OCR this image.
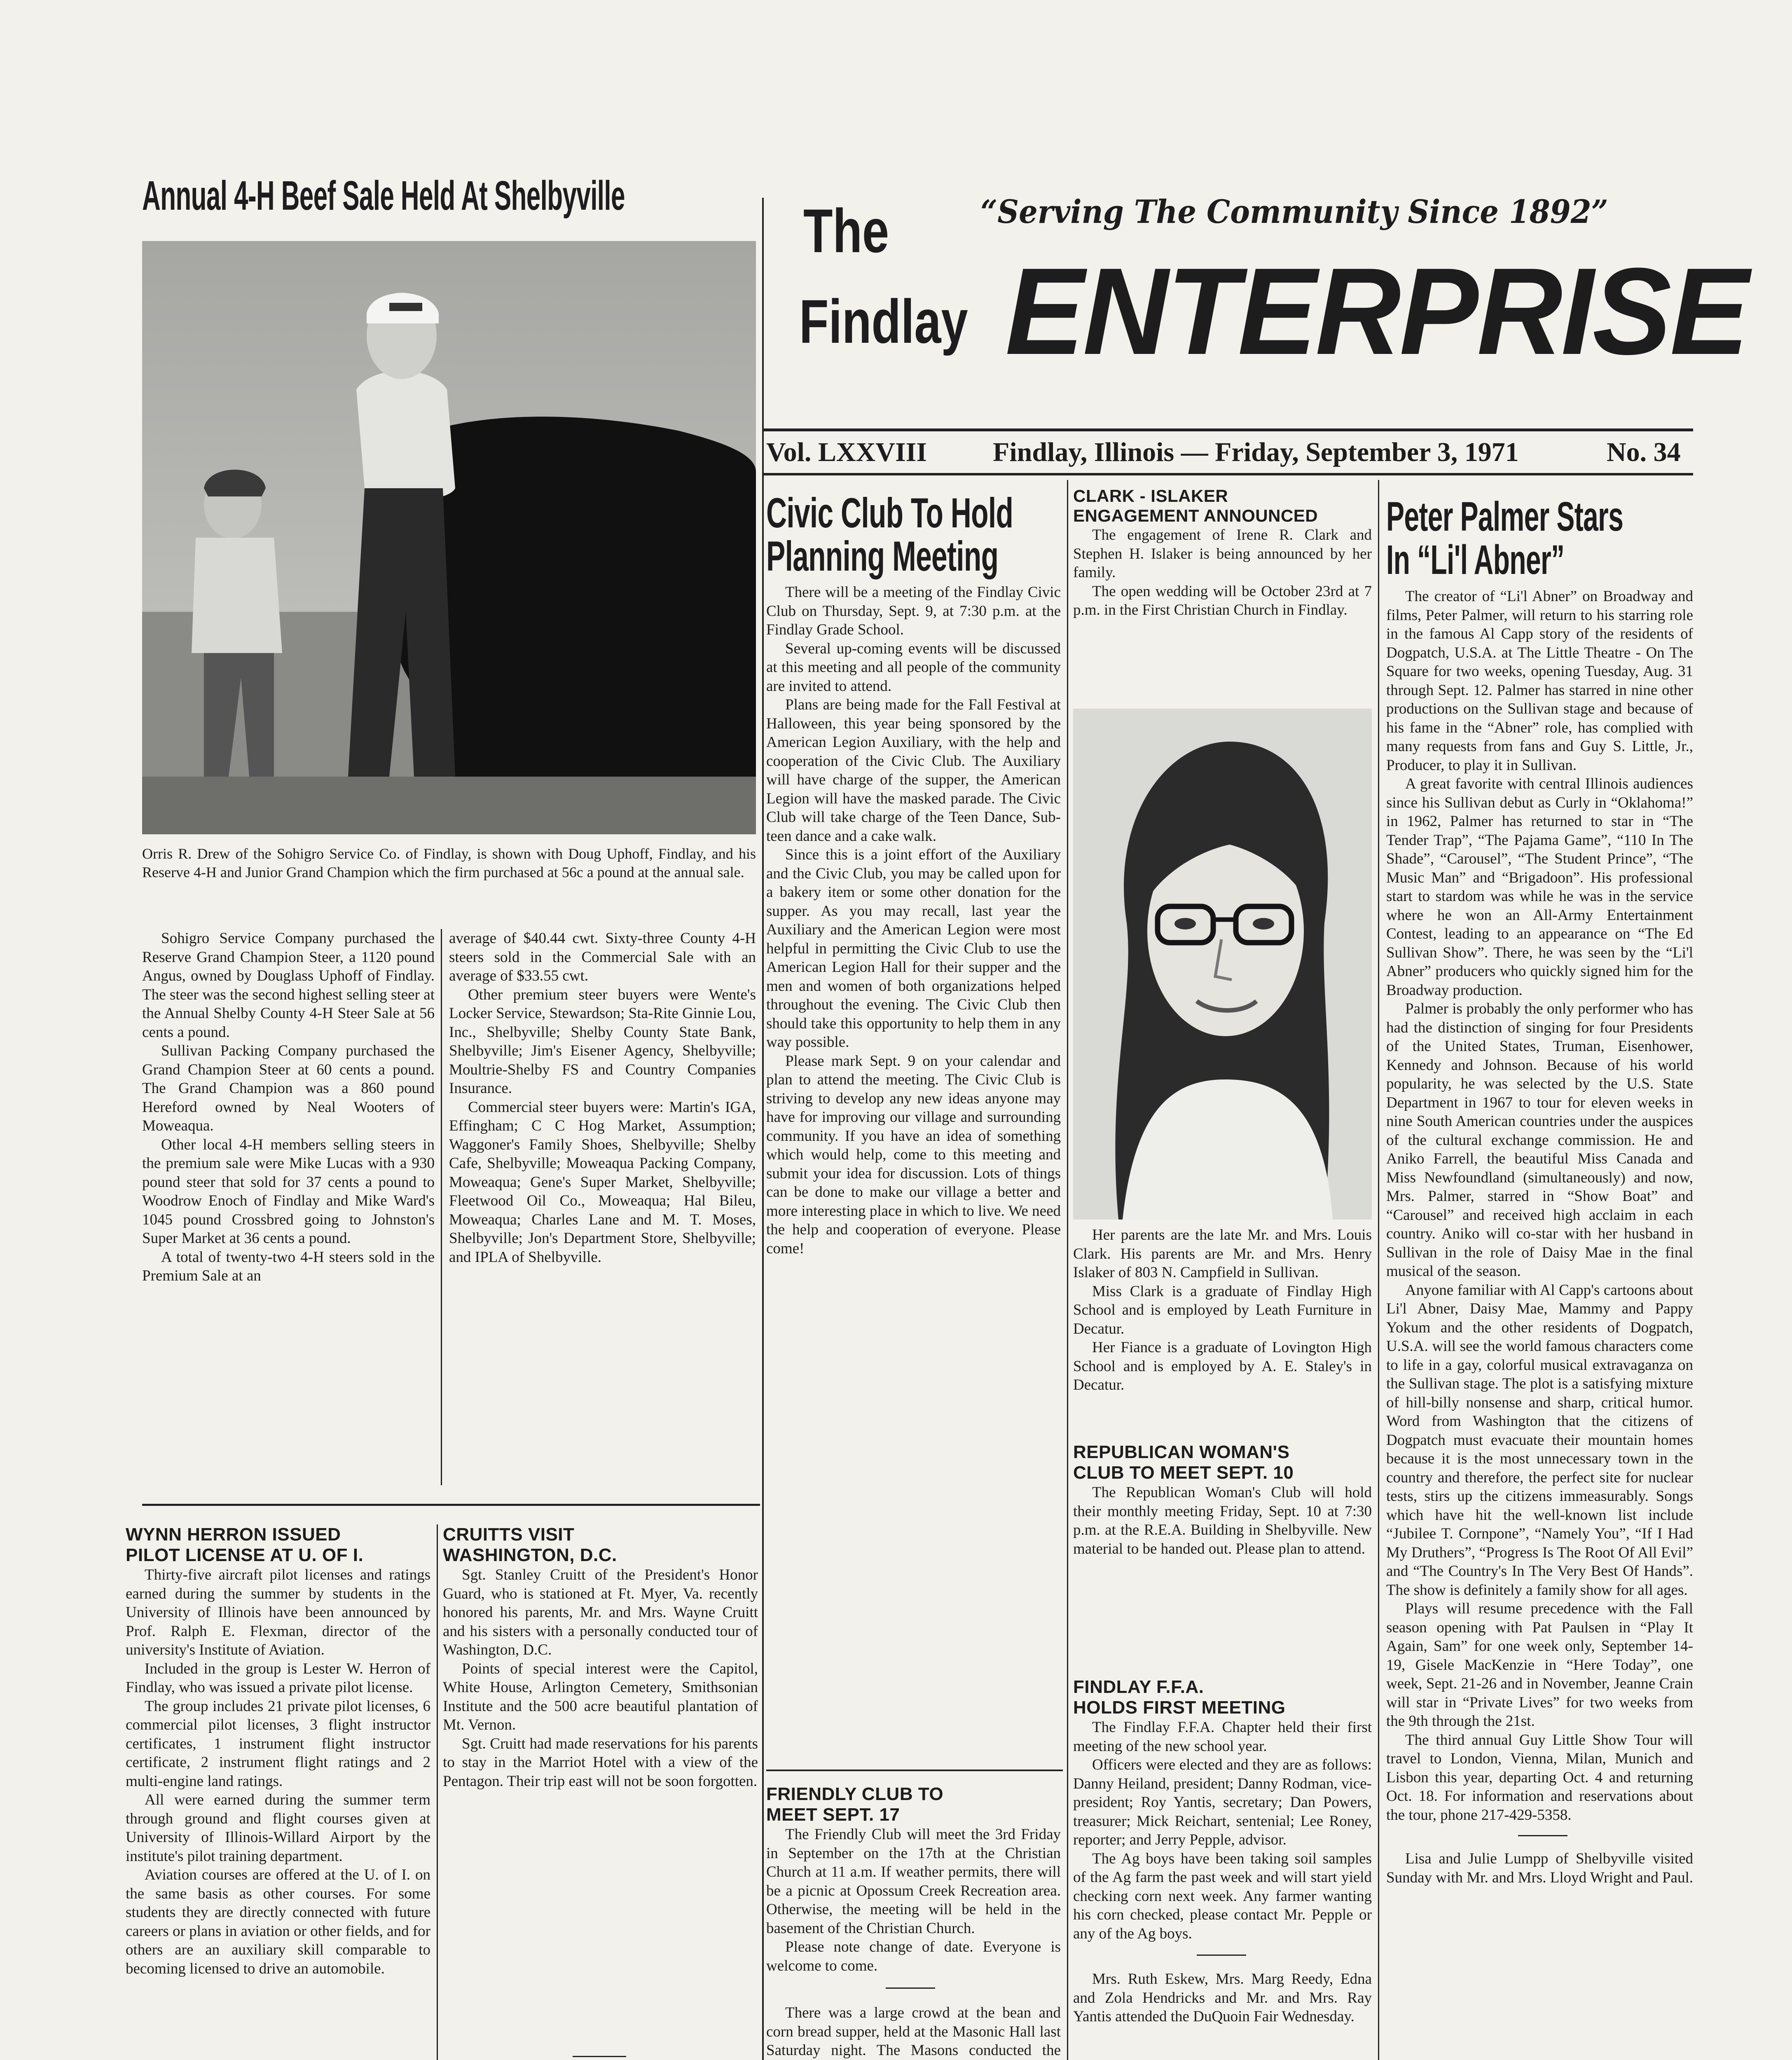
The
Findlay ENTERPRISE
“Serving The Community Since 1892”
Vol. LXXVIII Findlay, Illinois — Friday, September 3, 1971	No. 34
Annual 4-H Beef Sale Held At Shelbyville

Orris R. Drew of the Sohigro Service Co. of Findlay, is shown with Doug Uphoff, Findlay, and his Reserve 4-H and Junior Grand Champion which the firm purchased at 56c a pound at the annual sale.

Sohigro Service Company purchased the Reserve Grand Champion Steer, a 1120 pound Angus, owned by Douglass Uphoff of Findlay. The steer was the second highest selling steer at the Annual Shelby County 4-H Steer Sale at 56 cents a pound.

Sullivan Packing Company purchased the Grand Champion Steer at 60 cents a pound. The Grand Champion was a 860 pound Hereford owned by Neal Wooters of Moweaqua.

Other local 4-H members selling steers in the premium sale were Mike Lucas with a 930 pound steer that sold for 37 cents a pound to Woodrow Enoch of Findlay and Mike Ward's 1045 pound Crossbred going to Johnston's Super Market at 36 cents a pound.

A total of twenty-two 4-H steers sold in the Premium Sale at an

average of $40.44 cwt. Sixty-three County 4-H steers sold in the Commercial Sale with an average of $33.55 cwt.

Other premium steer buyers were Wente's Locker Service, Stewardson; Sta-Rite Ginnie Lou, Inc., Shelbyville; Shelby County State Bank, Shelbyville; Jim's Eisener Agency, Shelbyville; Moultrie-Shelby FS and Country Companies Insurance.

Commercial steer buyers were: Martin's IGA, Effingham; C C Hog Market, Assumption; Waggoner's Family Shoes, Shelbyville; Shelby Cafe, Shelbyville; Moweaqua Packing Company, Moweaqua; Gene's Super Market, Shelbyville; Fleetwood Oil Co., Moweaqua; Hal Bileu, Moweaqua; Charles Lane and M. T. Moses, Shelbyville; Jon's Department Store, Shelbyville; and IPLA of Shelbyville.

WYNN HERRON ISSUED
PILOT LICENSE AT U. OF I.

Thirty-five aircraft pilot licenses and ratings earned during the summer by students in the University of Illinois have been announced by Prof. Ralph E. Flexman, director of the university's Institute of Aviation.

Included in the group is Lester W. Herron of Findlay, who was issued a private pilot license.

The group includes 21 private pilot licenses, 6 commercial pilot licenses, 3 flight instructor certificates, 1 instrument flight instructor certificate, 2 instrument flight ratings and 2 multi-engine land ratings.

All were earned during the summer term through ground and flight courses given at University of Illinois-Willard Airport by the institute's pilot training department.

Aviation courses are offered at the U. of I. on the same basis as other courses. For some students they are directly connected with future careers or plans in aviation or other fields, and for others are an auxiliary skill comparable to becoming licensed to drive an automobile.

CRUITTS VISIT
WASHINGTON, D.C.

Sgt. Stanley Cruitt of the President's Honor Guard, who is stationed at Ft. Myer, Va. recently honored his parents, Mr. and Mrs. Wayne Cruitt and his sisters with a personally conducted tour of Washington, D.C.

Points of special interest were the Capitol, White House, Arlington Cemetery, Smithsonian Institute and the 500 acre beautiful plantation of Mt. Vernon.

Sgt. Cruitt had made reservations for his parents to stay in the Marriot Hotel with a view of the Pentagon. Their trip east will not be soon forgotten.

Civic Club To Hold
Planning Meeting

There will be a meeting of the Findlay Civic Club on Thursday, Sept. 9, at 7:30 p.m. at the Findlay Grade School.

Several up-coming events will be discussed at this meeting and all people of the community are invited to attend.

Plans are being made for the Fall Festival at Halloween, this year being sponsored by the American Legion Auxiliary, with the help and cooperation of the Civic Club. The Auxiliary will have charge of the supper, the American Legion will have the masked parade. The Civic Club will take charge of the Teen Dance, Sub-teen dance and a cake walk.

Since this is a joint effort of the Auxiliary and the Civic Club, you may be called upon for a bakery item or some other donation for the supper. As you may recall, last year the Auxiliary and the American Legion were most helpful in permitting the Civic Club to use the American Legion Hall for their supper and the men and women of both organizations helped throughout the evening. The Civic Club then should take this opportunity to help them in any way possible.

Please mark Sept. 9 on your calendar and plan to attend the meeting. The Civic Club is striving to develop any new ideas anyone may have for improving our village and surrounding community. If you have an idea of something which would help, come to this meeting and submit your idea for discussion. Lots of things can be done to make our village a better and more interesting place in which to live. We need the help and cooperation of everyone. Please come!

FRIENDLY CLUB TO
MEET SEPT. 17

The Friendly Club will meet the 3rd Friday in September on the 17th at the Christian Church at 11 a.m. If weather permits, there will be a picnic at Opossum Creek Recreation area. Otherwise, the meeting will be held in the basement of the Christian Church.

Please note change of date. Everyone is welcome to come.

There was a large crowd at the bean and corn bread supper, held at the Masonic Hall last Saturday night. The Masons conducted the

CLARK - ISLAKER
ENGAGEMENT ANNOUNCED

The engagement of Irene R. Clark and Stephen H. Islaker is being announced by her family.

The open wedding will be October 23rd at 7 p.m. in the First Christian Church in Findlay.

Her parents are the late Mr. and Mrs. Louis Clark. His parents are Mr. and Mrs. Henry Islaker of 803 N. Campfield in Sullivan.

Miss Clark is a graduate of Findlay High School and is employed by Leath Furniture in Decatur.

Her Fiance is a graduate of Lovington High School and is employed by A. E. Staley's in Decatur.

REPUBLICAN WOMAN'S
CLUB TO MEET SEPT. 10

The Republican Woman's Club will hold their monthly meeting Friday, Sept. 10 at 7:30 p.m. at the R.E.A. Building in Shelbyville. New material to be handed out. Please plan to attend.

FINDLAY F.F.A.
HOLDS FIRST MEETING

The Findlay F.F.A. Chapter held their first meeting of the new school year.

Officers were elected and they are as follows: Danny Heiland, president; Danny Rodman, vice-president; Roy Yantis, secretary; Dan Powers, treasurer; Mick Reichart, sentenial; Lee Roney, reporter; and Jerry Pepple, advisor.

The Ag boys have been taking soil samples of the Ag farm the past week and will start yield checking corn next week. Any farmer wanting his corn checked, please contact Mr. Pepple or any of the Ag boys.

Mrs. Ruth Eskew, Mrs. Marg Reedy, Edna and Zola Hendricks and Mr. and Mrs. Ray Yantis attended the DuQuoin Fair Wednesday.

Peter Palmer Stars
In “Li'l Abner”

The creator of “Li'l Abner” on Broadway and films, Peter Palmer, will return to his starring role in the famous Al Capp story of the residents of Dogpatch, U.S.A. at The Little Theatre - On The Square for two weeks, opening Tuesday, Aug. 31 through Sept. 12. Palmer has starred in nine other productions on the Sullivan stage and because of his fame in the “Abner” role, has complied with many requests from fans and Guy S. Little, Jr., Producer, to play it in Sullivan.

A great favorite with central Illinois audiences since his Sullivan debut as Curly in “Oklahoma!” in 1962, Palmer has returned to star in “The Tender Trap”, “The Pajama Game”, “110 In The Shade”, “Carousel”, “The Student Prince”, “The Music Man” and “Brigadoon”. His professional start to stardom was while he was in the service where he won an All-Army Entertainment Contest, leading to an appearance on “The Ed Sullivan Show”. There, he was seen by the “Li'l Abner” producers who quickly signed him for the Broadway production.

Palmer is probably the only performer who has had the distinction of singing for four Presidents of the United States, Truman, Eisenhower, Kennedy and Johnson. Because of his world popularity, he was selected by the U.S. State Department in 1967 to tour for eleven weeks in nine South American countries under the auspices of the cultural exchange commission. He and Aniko Farrell, the beautiful Miss Canada and Miss Newfoundland (simultaneously) and now, Mrs. Palmer, starred in “Show Boat” and “Carousel” and received high acclaim in each country. Aniko will co-star with her husband in Sullivan in the role of Daisy Mae in the final musical of the season.

Anyone familiar with Al Capp's cartoons about Li'l Abner, Daisy Mae, Mammy and Pappy Yokum and the other residents of Dogpatch, U.S.A. will see the world famous characters come to life in a gay, colorful musical extravaganza on the Sullivan stage. The plot is a satisfying mixture of hill-billy nonsense and sharp, critical humor. Word from Washington that the citizens of Dogpatch must evacuate their mountain homes because it is the most unnecessary town in the country and therefore, the perfect site for nuclear tests, stirs up the citizens immeasurably. Songs which have hit the well-known list include “Jubilee T. Cornpone”, “Namely You”, “If I Had My Druthers”, “Progress Is The Root Of All Evil” and “The Country's In The Very Best Of Hands”. The show is definitely a family show for all ages.

Plays will resume precedence with the Fall season opening with Pat Paulsen in “Play It Again, Sam” for one week only, September 14-19, Gisele MacKenzie in “Here Today”, one week, Sept. 21-26 and in November, Jeanne Crain will star in “Private Lives” for two weeks from the 9th through the 21st.

The third annual Guy Little Show Tour will travel to London, Vienna, Milan, Munich and Lisbon this year, departing Oct. 4 and returning Oct. 18. For information and reservations about the tour, phone 217-429-5358.

Lisa and Julie Lumpp of Shelbyville visited Sunday with Mr. and Mrs. Lloyd Wright and Paul.
